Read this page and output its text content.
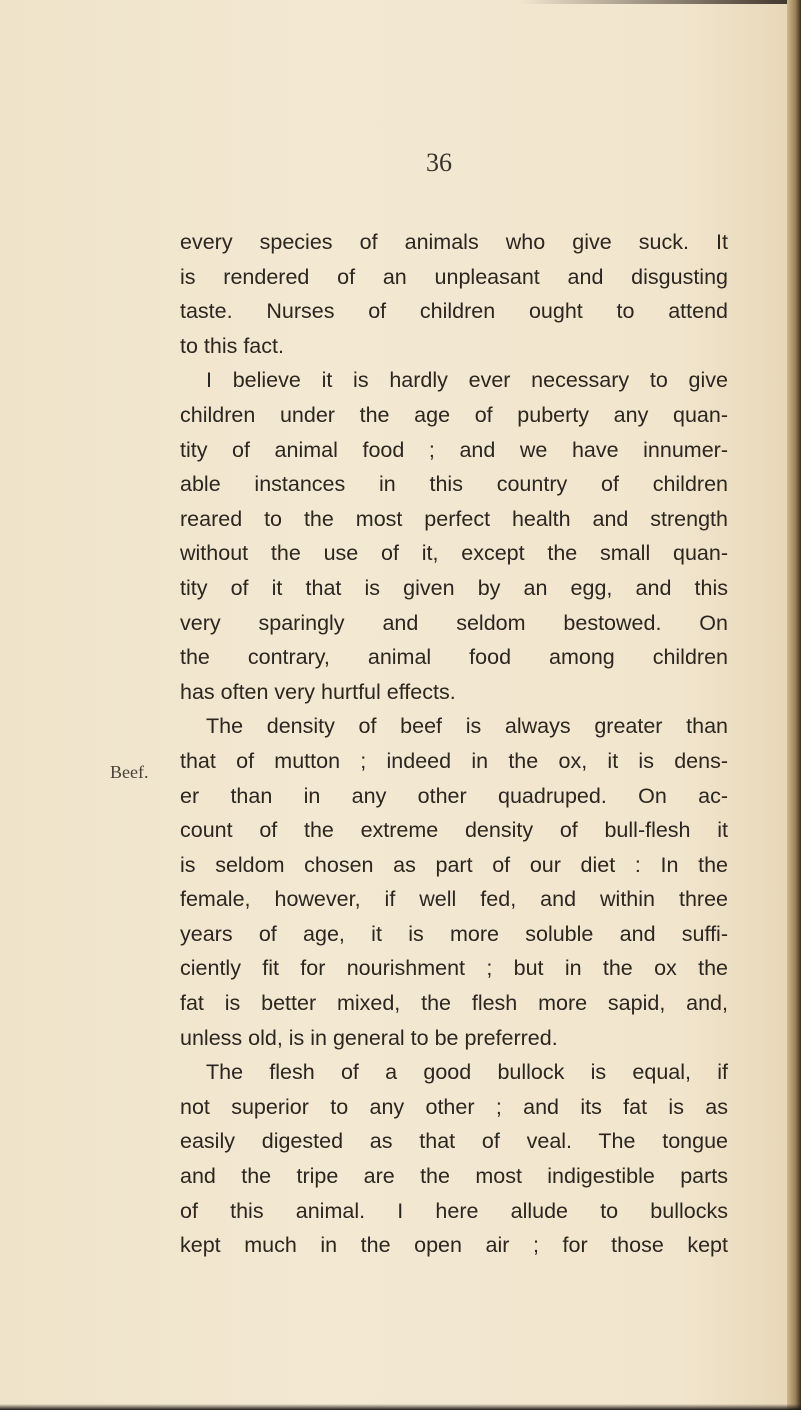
36
Beef.
every species of animals who give suck. It
is rendered of an unpleasant and disgusting
taste. Nurses of children ought to attend
to this fact.
I believe it is hardly ever necessary to give
children under the age of puberty any quan-
tity of animal food ; and we have innumer-
able instances in this country of children
reared to the most perfect health and strength
without the use of it, except the small quan-
tity of it that is given by an egg, and this
very sparingly and seldom bestowed. On
the contrary, animal food among children
has often very hurtful effects.
The density of beef is always greater than
that of mutton ; indeed in the ox, it is dens-
er than in any other quadruped. On ac-
count of the extreme density of bull-flesh it
is seldom chosen as part of our diet : In the
female, however, if well fed, and within three
years of age, it is more soluble and suffi-
ciently fit for nourishment ; but in the ox the
fat is better mixed, the flesh more sapid, and,
unless old, is in general to be preferred.
The flesh of a good bullock is equal, if
not superior to any other ; and its fat is as
easily digested as that of veal. The tongue
and the tripe are the most indigestible parts
of this animal. I here allude to bullocks
kept much in the open air ; for those kept
